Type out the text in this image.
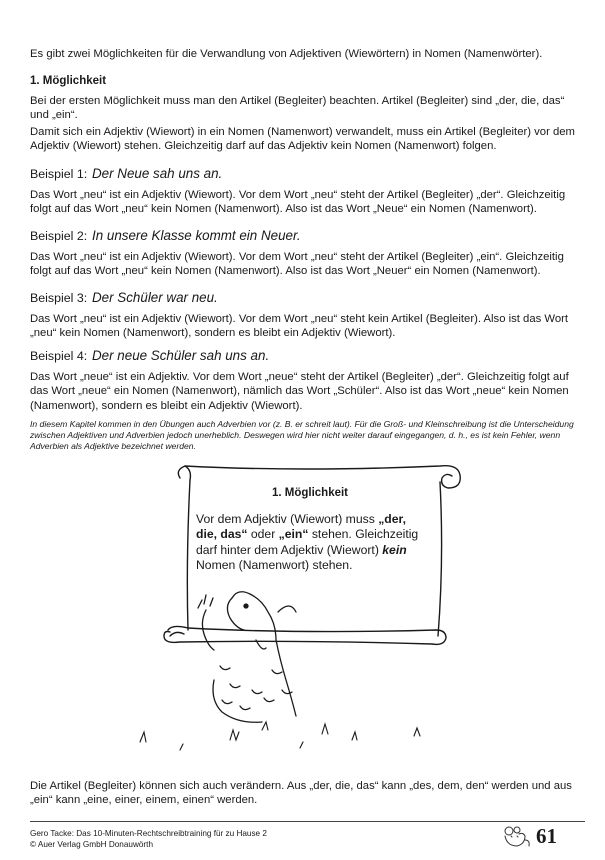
Es gibt zwei Möglichkeiten für die Verwandlung von Adjektiven (Wiewörtern) in Nomen (Namenwörter).

1. Möglichkeit

Bei der ersten Möglichkeit muss man den Artikel (Begleiter) beachten. Artikel (Begleiter) sind „der, die, das“ und „ein“.

Damit sich ein Adjektiv (Wiewort) in ein Nomen (Namenwort) verwandelt, muss ein Artikel (Begleiter) vor dem Adjektiv (Wiewort) stehen. Gleichzeitig darf auf das Adjektiv kein Nomen (Namenwort) folgen.

Beispiel 1: Der Neue sah uns an.

Das Wort „neu“ ist ein Adjektiv (Wiewort). Vor dem Wort „neu“ steht der Artikel (Begleiter) „der“. Gleichzeitig folgt auf das Wort „neu“ kein Nomen (Namenwort). Also ist das Wort „Neue“ ein Nomen (Namenwort).

Beispiel 2: In unsere Klasse kommt ein Neuer.

Das Wort „neu“ ist ein Adjektiv (Wiewort). Vor dem Wort „neu“ steht der Artikel (Begleiter) „ein“. Gleichzeitig folgt auf das Wort „neu“ kein Nomen (Namenwort). Also ist das Wort „Neuer“ ein Nomen (Namenwort).

Beispiel 3: Der Schüler war neu.

Das Wort „neu“ ist ein Adjektiv (Wiewort). Vor dem Wort „neu“ steht kein Artikel (Begleiter). Also ist das Wort „neu“ kein Nomen (Namenwort), sondern es bleibt ein Adjektiv (Wiewort).

Beispiel 4: Der neue Schüler sah uns an.

Das Wort „neue“ ist ein Adjektiv. Vor dem Wort „neue“ steht der Artikel (Begleiter) „der“. Gleichzeitig folgt auf das Wort „neue“ ein Nomen (Namenwort), nämlich das Wort „Schüler“. Also ist das Wort „neue“ kein Nomen (Namenwort), sondern es bleibt ein Adjektiv (Wiewort).

In diesem Kapitel kommen in den Übungen auch Adverbien vor (z. B. er schreit laut). Für die Groß- und Kleinschreibung ist die Unterscheidung zwischen Adjektiven und Adverbien jedoch unerheblich. Deswegen wird hier nicht weiter darauf eingegangen, d. h., es ist kein Fehler, wenn Adverbien als Adjektive bezeichnet werden.

1. Möglichkeit
Vor dem Adjektiv (Wiewort) muss „der, die, das“ oder „ein“ stehen. Gleichzeitig darf hinter dem Adjektiv (Wiewort) kein Nomen (Namenwort) stehen.

Die Artikel (Begleiter) können sich auch verändern. Aus „der, die, das“ kann „des, dem, den“ werden und aus „ein“ kann „eine, einer, einem, einen“ werden.

Gero Tacke: Das 10-Minuten-Rechtschreibtraining für zu Hause 2
© Auer Verlag GmbH Donauwörth	61
